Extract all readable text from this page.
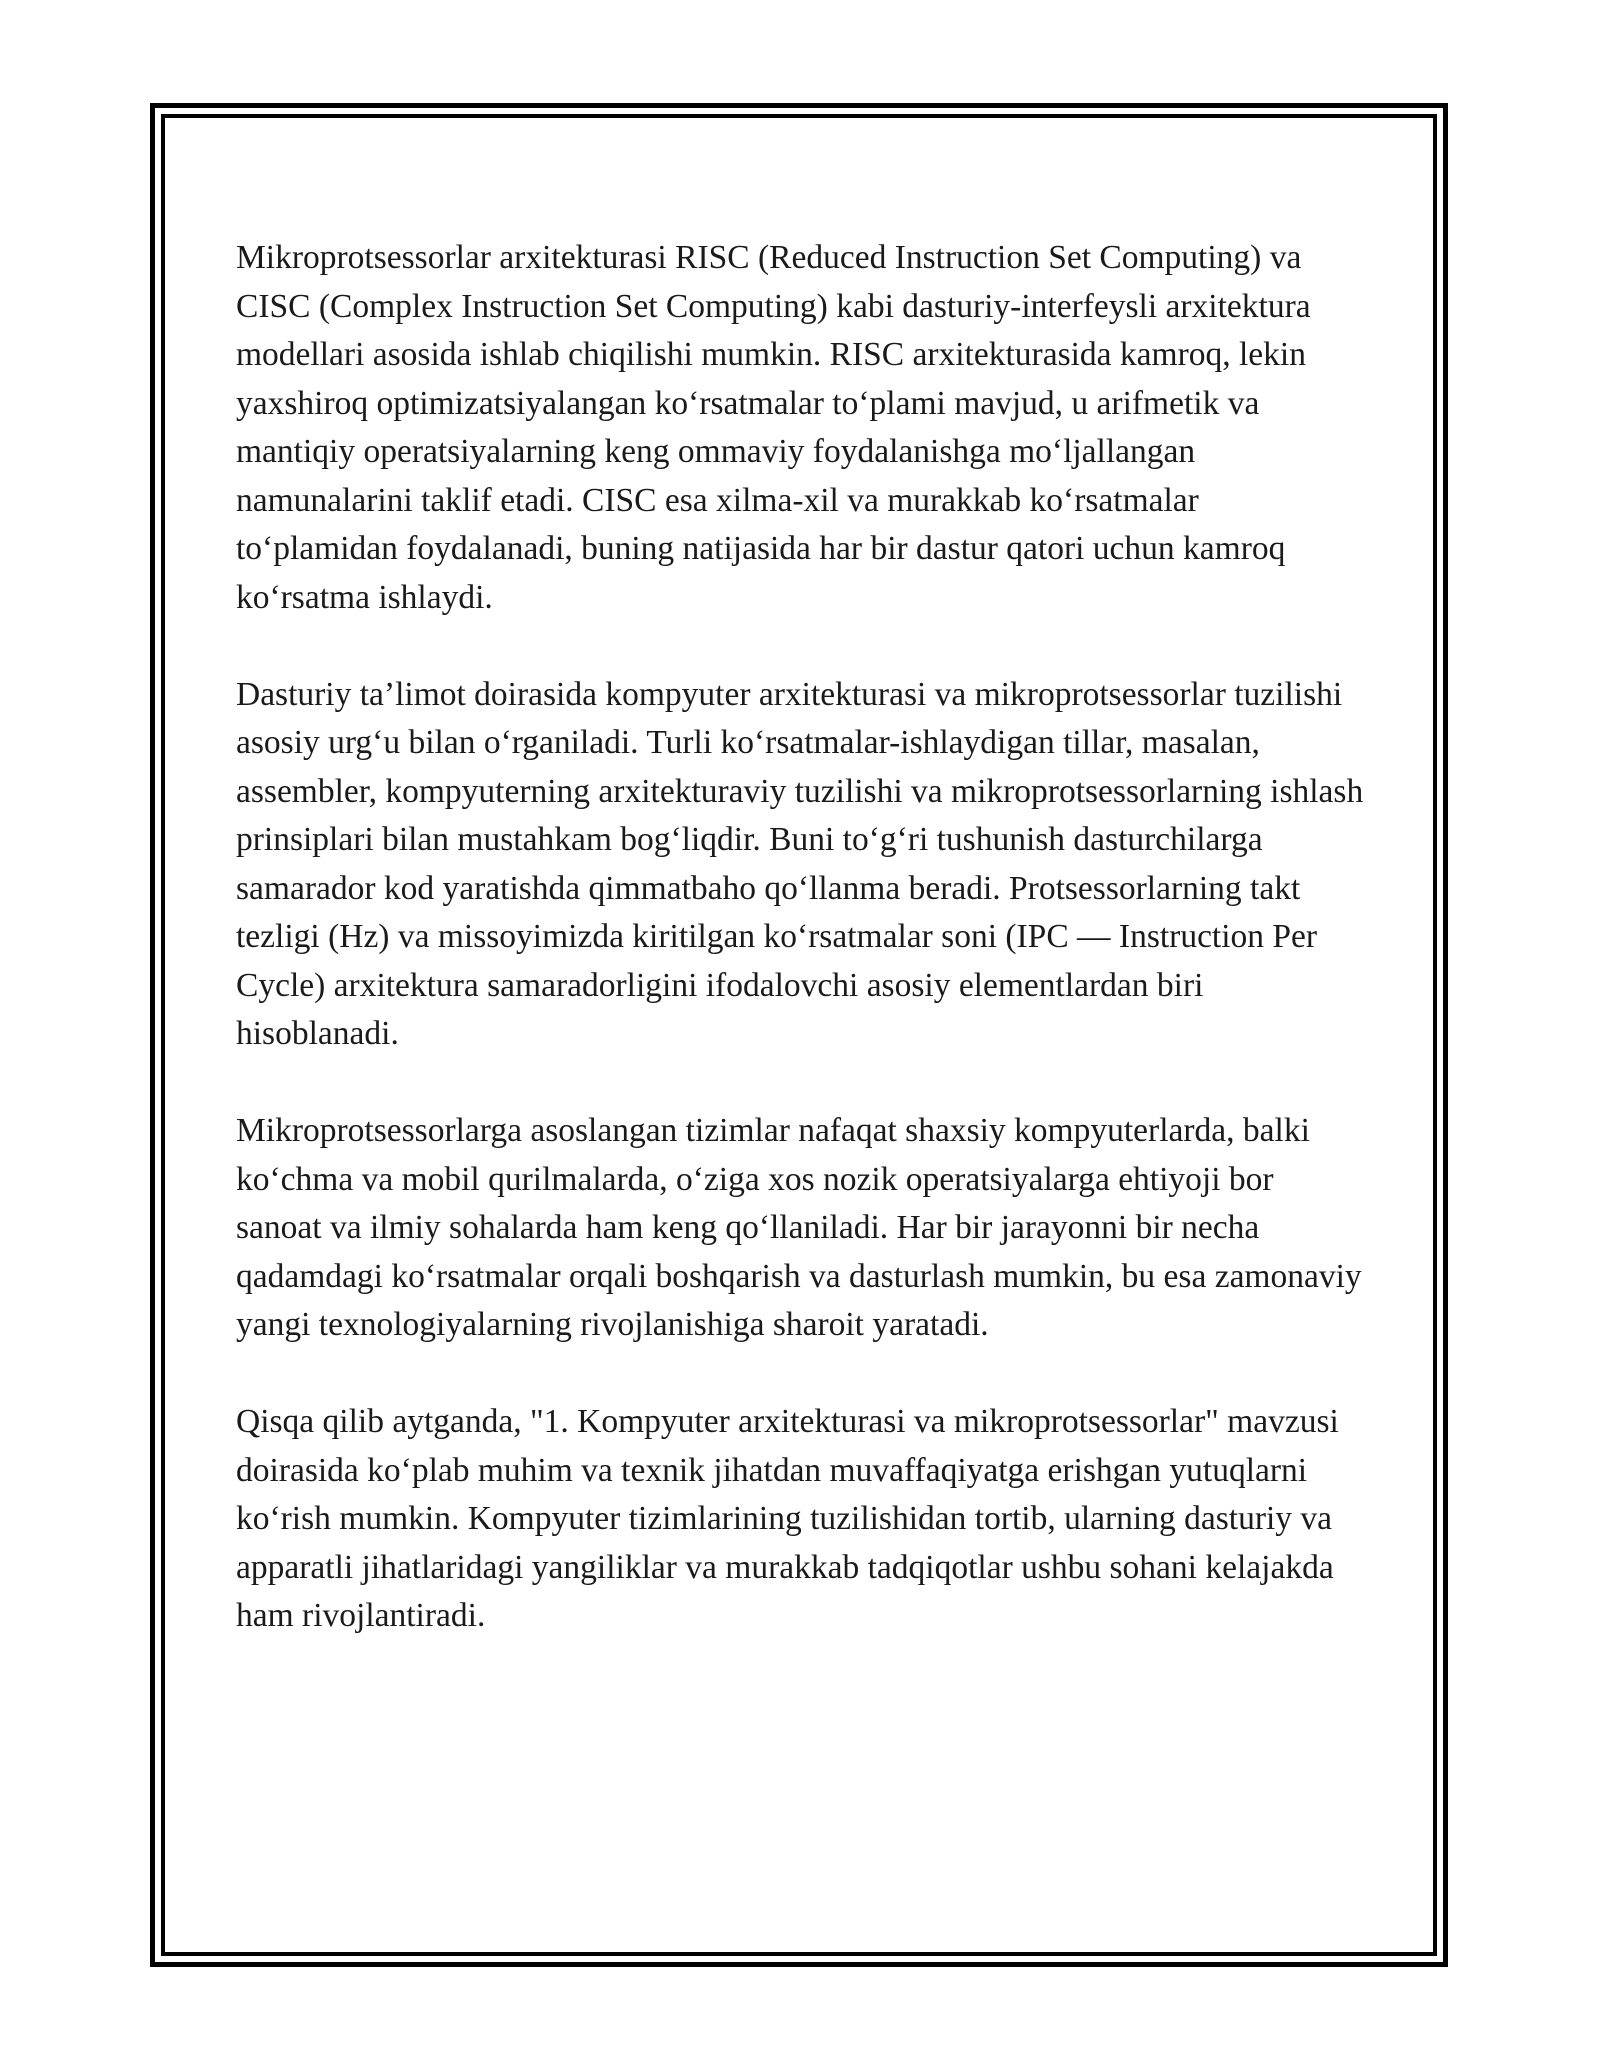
Mikroprotsessorlar arxitekturasi RISC (Reduced Instruction Set Computing) va CISC (Complex Instruction Set Computing) kabi dasturiy-interfeysli arxitektura modellari asosida ishlab chiqilishi mumkin. RISC arxitekturasida kamroq, lekin yaxshiroq optimizatsiyalangan ko‘rsatmalar to‘plami mavjud, u arifmetik va mantiqiy operatsiyalarning keng ommaviy foydalanishga mo‘ljallangan namunalarini taklif etadi. CISC esa xilma-xil va murakkab ko‘rsatmalar to‘plamidan foydalanadi, buning natijasida har bir dastur qatori uchun kamroq ko‘rsatma ishlaydi.

Dasturiy ta’limot doirasida kompyuter arxitekturasi va mikroprotsessorlar tuzilishi asosiy urg‘u bilan o‘rganiladi. Turli ko‘rsatmalar-ishlaydigan tillar, masalan, assembler, kompyuterning arxitekturaviy tuzilishi va mikroprotsessorlarning ishlash prinsiplari bilan mustahkam bog‘liqdir. Buni to‘g‘ri tushunish dasturchilarga samarador kod yaratishda qimmatbaho qo‘llanma beradi. Protsessorlarning takt tezligi (Hz) va missoyimizda kiritilgan ko‘rsatmalar soni (IPC — Instruction Per Cycle) arxitektura samaradorligini ifodalovchi asosiy elementlardan biri hisoblanadi.

Mikroprotsessorlarga asoslangan tizimlar nafaqat shaxsiy kompyuterlarda, balki ko‘chma va mobil qurilmalarda, o‘ziga xos nozik operatsiyalarga ehtiyoji bor sanoat va ilmiy sohalarda ham keng qo‘llaniladi. Har bir jarayonni bir necha qadamdagi ko‘rsatmalar orqali boshqarish va dasturlash mumkin, bu esa zamonaviy yangi texnologiyalarning rivojlanishiga sharoit yaratadi.

Qisqa qilib aytganda, "1. Kompyuter arxitekturasi va mikroprotsessorlar" mavzusi doirasida ko‘plab muhim va texnik jihatdan muvaffaqiyatga erishgan yutuqlarni ko‘rish mumkin. Kompyuter tizimlarining tuzilishidan tortib, ularning dasturiy va apparatli jihatlaridagi yangiliklar va murakkab tadqiqotlar ushbu sohani kelajakda ham rivojlantiradi.
